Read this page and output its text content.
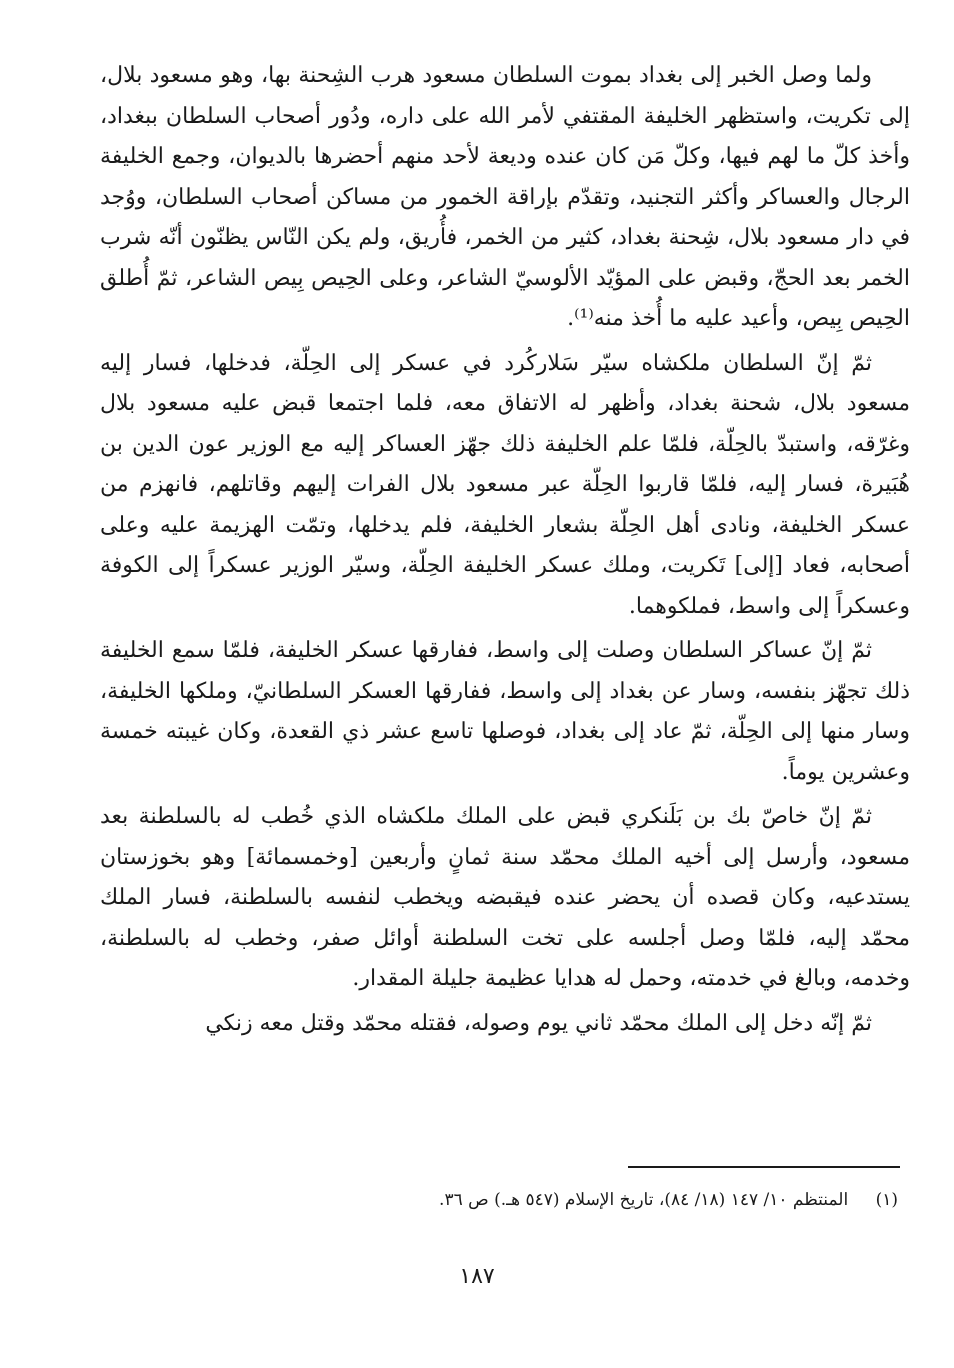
ولما وصل الخبر إلى بغداد بموت السلطان مسعود هرب الشِحنة بها، وهو مسعود بلال، إلى تكريت، واستظهر الخليفة المقتفي لأمر الله على داره، ودُور أصحاب السلطان ببغداد، وأخذ كلّ ما لهم فيها، وكلّ مَن كان عنده وديعة لأحد منهم أحضرها بالديوان، وجمع الخليفة الرجال والعساكر وأكثر التجنيد، وتقدّم بإراقة الخمور من مساكن أصحاب السلطان، ووُجد في دار مسعود بلال، شِحنة بغداد، كثير من الخمر، فأُريق، ولم يكن النّاس يظنّون أنّه شرب الخمر بعد الحجّ، وقبض على المؤيّد الألوسيّ الشاعر، وعلى الحِيص بِيص الشاعر، ثمّ أُطلق الحِيص بِيص، وأعيد عليه ما أُخذ منه⁽¹⁾.

ثمّ إنّ السلطان ملكشاه سيّر سَلاركُرد في عسكر إلى الحِلّة، فدخلها، فسار إليه مسعود بلال، شحنة بغداد، وأظهر له الاتفاق معه، فلما اجتمعا قبض عليه مسعود بلال وغرّقه، واستبدّ بالحِلّة، فلمّا علم الخليفة ذلك جهّز العساكر إليه مع الوزير عون الدين بن هُبَيرة، فسار إليه، فلمّا قاربوا الحِلّة عبر مسعود بلال الفرات إليهم وقاتلهم، فانهزم من عسكر الخليفة، ونادى أهل الحِلّة بشعار الخليفة، فلم يدخلها، وتمّت الهزيمة عليه وعلى أصحابه، فعاد [إلى] تَكريت، وملك عسكر الخليفة الحِلّة، وسيّر الوزير عسكراً إلى الكوفة وعسكراً إلى واسط، فملكوهما.

ثمّ إنّ عساكر السلطان وصلت إلى واسط، ففارقها عسكر الخليفة، فلمّا سمع الخليفة ذلك تجهّز بنفسه، وسار عن بغداد إلى واسط، ففارقها العسكر السلطانيّ، وملكها الخليفة، وسار منها إلى الحِلّة، ثمّ عاد إلى بغداد، فوصلها تاسع عشر ذي القعدة، وكان غيبته خمسة وعشرين يوماً.

ثمّ إنّ خاصّ بك بن بَلَنكري قبض على الملك ملكشاه الذي خُطب له بالسلطنة بعد مسعود، وأرسل إلى أخيه الملك محمّد سنة ثمانٍ وأربعين [وخمسمائة] وهو بخوزستان يستدعيه، وكان قصده أن يحضر عنده فيقبضه ويخطب لنفسه بالسلطنة، فسار الملك محمّد إليه، فلمّا وصل أجلسه على تخت السلطنة أوائل صفر، وخطب له بالسلطنة، وخدمه، وبالغ في خدمته، وحمل له هدايا عظيمة جليلة المقدار.

ثمّ إنّه دخل إلى الملك محمّد ثاني يوم وصوله، فقتله محمّد وقتل معه زنكي

(١) المنتظم ١٠/ ١٤٧ (١٨/ ٨٤)، تاريخ الإسلام (٥٤٧ هـ.) ص ٣٦.
١٨٧
